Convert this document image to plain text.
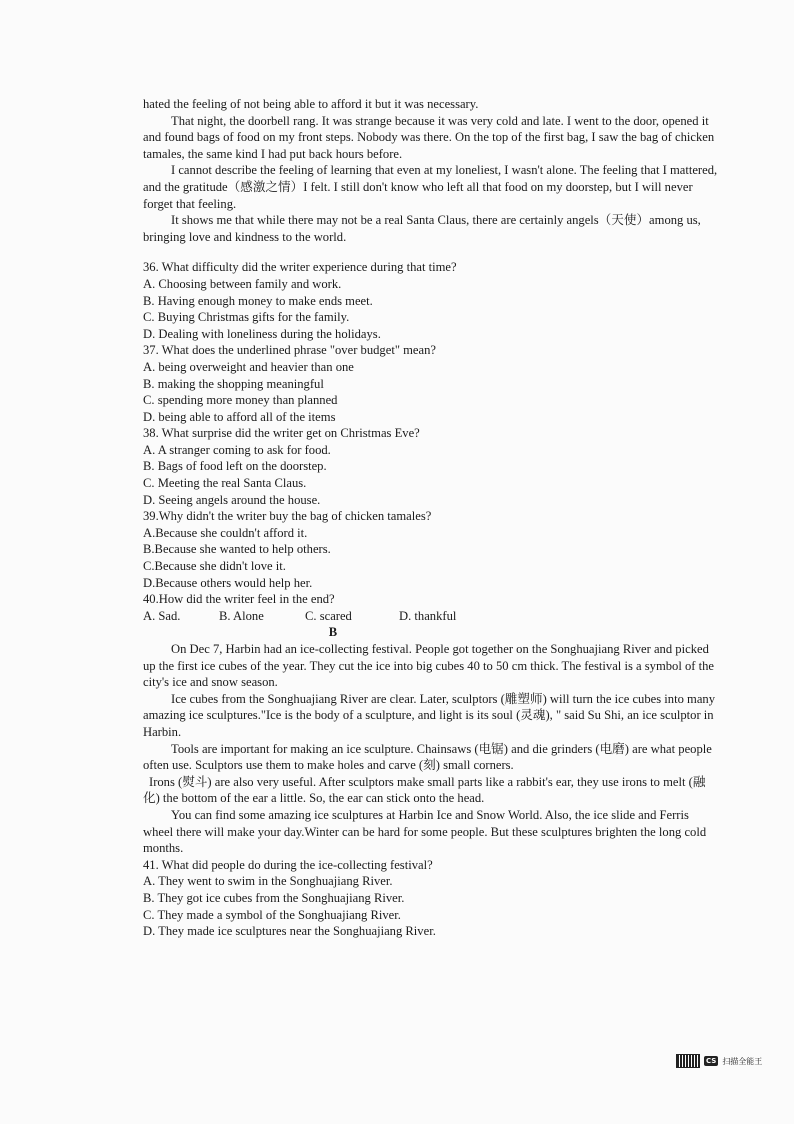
hated the feeling of not being able to afford it but it was necessary.

That night, the doorbell rang. It was strange because it was very cold and late. I went to the door, opened it and found bags of food on my front steps. Nobody was there. On the top of the first bag, I saw the bag of chicken tamales, the same kind I had put back hours before.

I cannot describe the feeling of learning that even at my loneliest, I wasn't alone. The feeling that I mattered, and the gratitude（感激之情）I felt. I still don't know who left all that food on my doorstep, but I will never forget that feeling.

It shows me that while there may not be a real Santa Claus, there are certainly angels（天使）among us, bringing love and kindness to the world.

36. What difficulty did the writer experience during that time?

A. Choosing between family and work.

B. Having enough money to make ends meet.

C. Buying Christmas gifts for the family.

D. Dealing with loneliness during the holidays.

37. What does the underlined phrase "over budget" mean?

A. being overweight and heavier than one

B. making the shopping meaningful

C. spending more money than planned

D. being able to afford all of the items

38. What surprise did the writer get on Christmas Eve?

A. A stranger coming to ask for food.

B. Bags of food left on the doorstep.

C. Meeting the real Santa Claus.

D. Seeing angels around the house.

39.Why didn't the writer buy the bag of chicken tamales?

A.Because she couldn't afford it.

B.Because she wanted to help others.

C.Because she didn't love it.

D.Because others would help her.

40.How did the writer feel in the end?

A. Sad.	B. Alone	C. scared	D. thankful

B

On Dec 7, Harbin had an ice-collecting festival. People got together on the Songhuajiang River and picked up the first ice cubes of the year. They cut the ice into big cubes 40 to 50 cm thick. The festival is a symbol of the city's ice and snow season.

Ice cubes from the Songhuajiang River are clear. Later, sculptors (雕塑师) will turn the ice cubes into many amazing ice sculptures."Ice is the body of a sculpture, and light is its soul (灵魂), " said Su Shi, an ice sculptor in Harbin.

Tools are important for making an ice sculpture. Chainsaws (电锯) and die grinders (电磨) are what people often use. Sculptors use them to make holes and carve (刻) small corners.

Irons (熨斗) are also very useful. After sculptors make small parts like a rabbit's ear, they use irons to melt (融化) the bottom of the ear a little. So, the ear can stick onto the head.

You can find some amazing ice sculptures at Harbin Ice and Snow World. Also, the ice slide and Ferris wheel there will make your day.Winter can be hard for some people. But these sculptures brighten the long cold months.

41. What did people do during the ice-collecting festival?

A. They went to swim in the Songhuajiang River.

B. They got ice cubes from the Songhuajiang River.

C. They made a symbol of the Songhuajiang River.

D. They made ice sculptures near the Songhuajiang River.

CS 扫描全能王
